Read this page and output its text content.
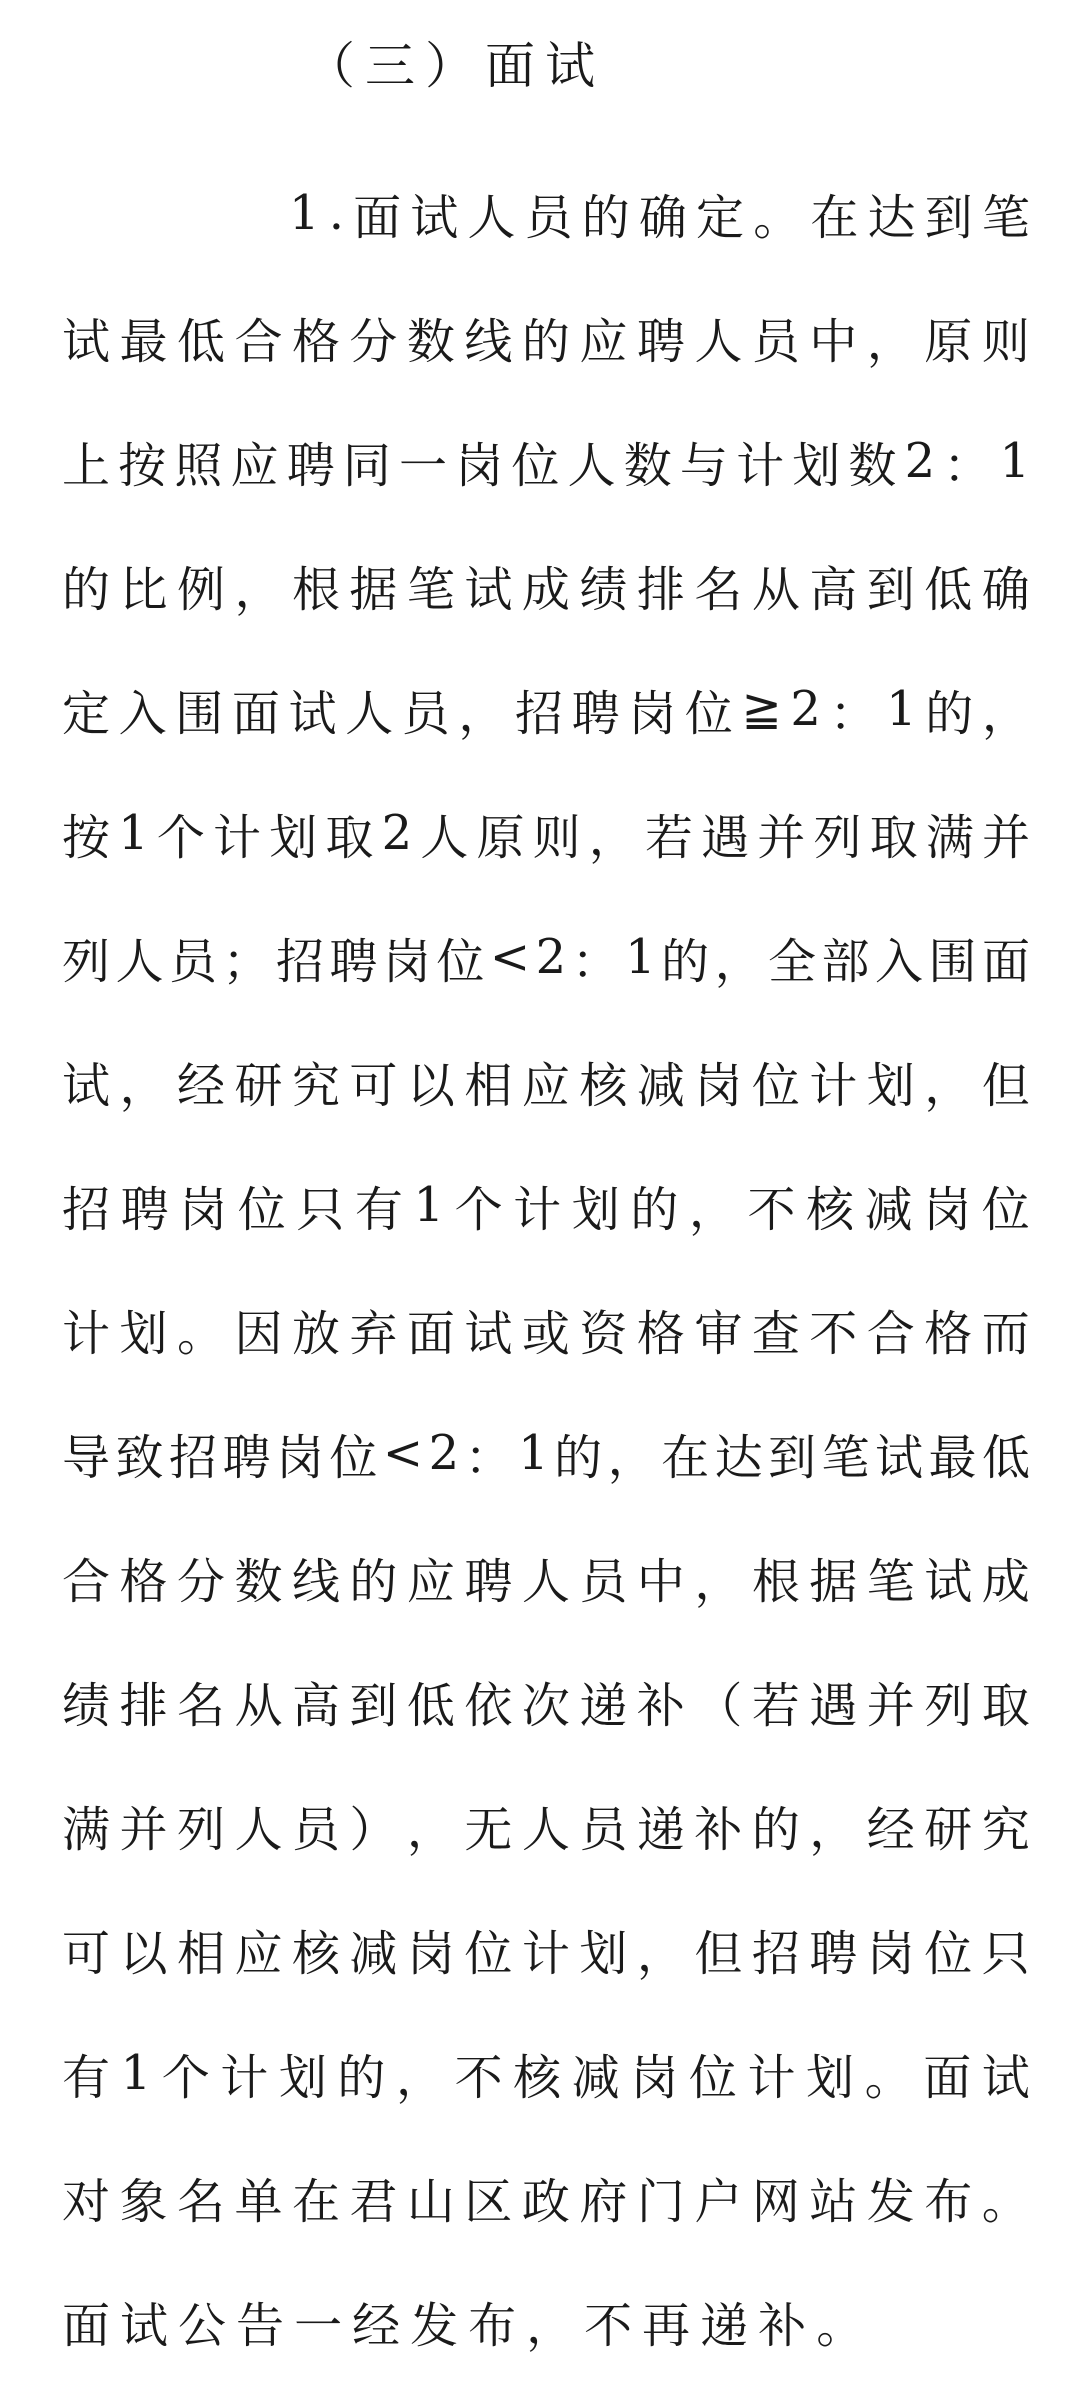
（三）面试
1 . 面 试 人 员 的 确 定 。 在 达 到 笔
试 最 低 合 格 分 数 线 的 应 聘 人 员 中 ， 原 则
上 按 照 应 聘 同 一 岗 位 人 数 与 计 划 数 2 ： 1
的 比 例 ， 根 据 笔 试 成 绩 排 名 从 高 到 低 确
定 入 围 面 试 人 员 ， 招 聘 岗 位 ≧ 2 ： 1 的 ，
按 1 个 计 划 取 2 人 原 则 ， 若 遇 并 列 取 满 并
列 人 员 ； 招 聘 岗 位 < 2 ： 1 的 ， 全 部 入 围 面
试 ， 经 研 究 可 以 相 应 核 减 岗 位 计 划 ， 但
招 聘 岗 位 只 有 1 个 计 划 的 ， 不 核 减 岗 位
计 划 。 因 放 弃 面 试 或 资 格 审 查 不 合 格 而
导 致 招 聘 岗 位 < 2 ： 1 的 ， 在 达 到 笔 试 最 低
合 格 分 数 线 的 应 聘 人 员 中 ， 根 据 笔 试 成
绩 排 名 从 高 到 低 依 次 递 补 （ 若 遇 并 列 取
满 并 列 人 员 ） ， 无 人 员 递 补 的 ， 经 研 究
可 以 相 应 核 减 岗 位 计 划 ， 但 招 聘 岗 位 只
有 1 个 计 划 的 ， 不 核 减 岗 位 计 划 。 面 试
对 象 名 单 在 君 山 区 政 府 门 户 网 站 发 布 。
面 试 公 告 一 经 发 布 ， 不 再 递 补 。
